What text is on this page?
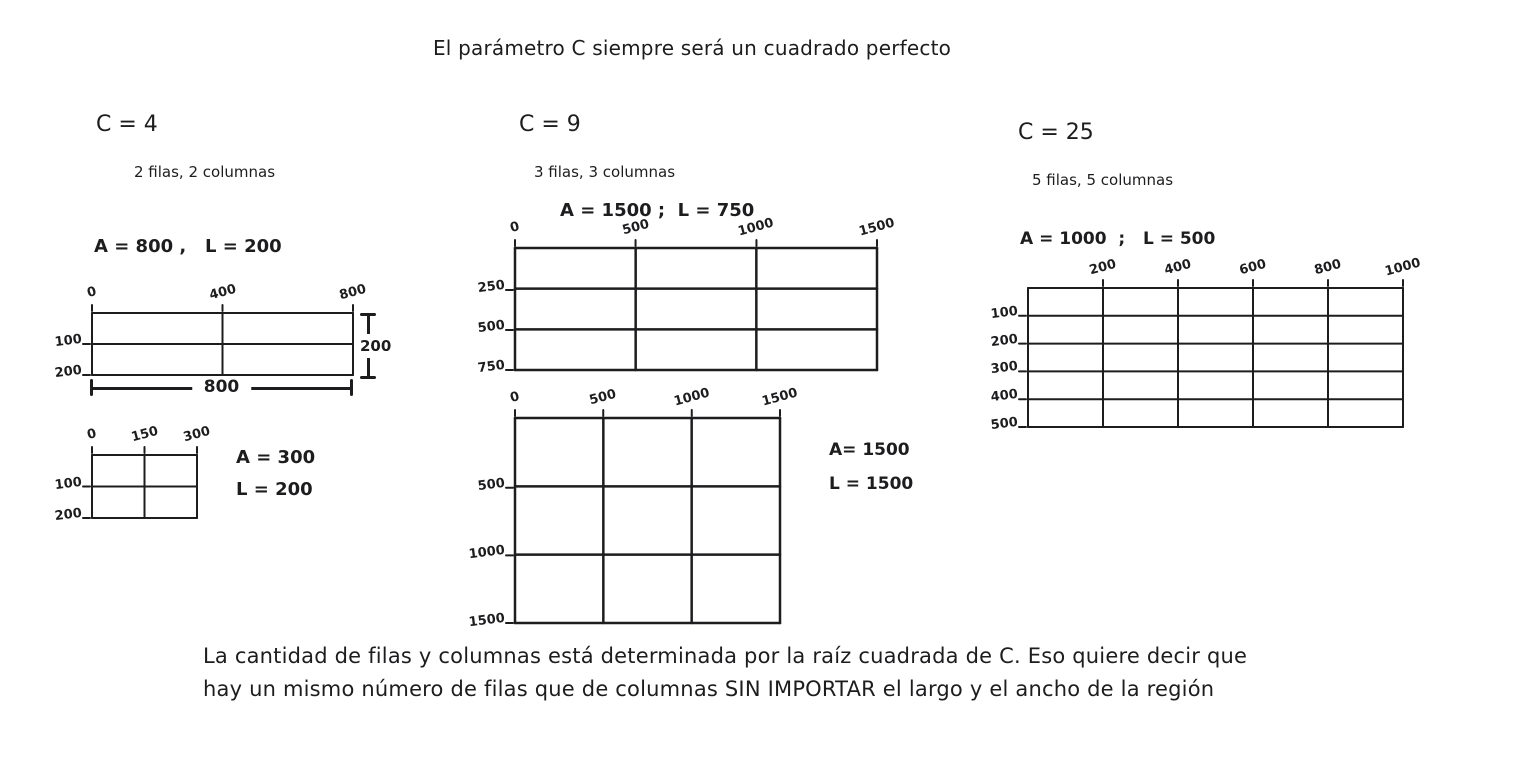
El parámetro C siempre será un cuadrado perfecto
C = 4
2 filas, 2 columnas
A = 800 ,   L = 200
C = 9
3 filas, 3 columnas
A = 1500 ;  L = 750
C = 25
5 filas, 5 columnas
A = 1000  ;   L = 500
0	400	800
100
200
0	150	300
100
200
0	500	1000	1500
250
500
750
0	500	1000	1500
500
1000
1500
200	400	600	800	1000
100
200
300
400
500
800
200
A = 300
L = 200
A= 1500
L = 1500
La cantidad de filas y columnas está determinada por la raíz cuadrada de C. Eso quiere decir que
hay un mismo número de filas que de columnas SIN IMPORTAR el largo y el ancho de la región
